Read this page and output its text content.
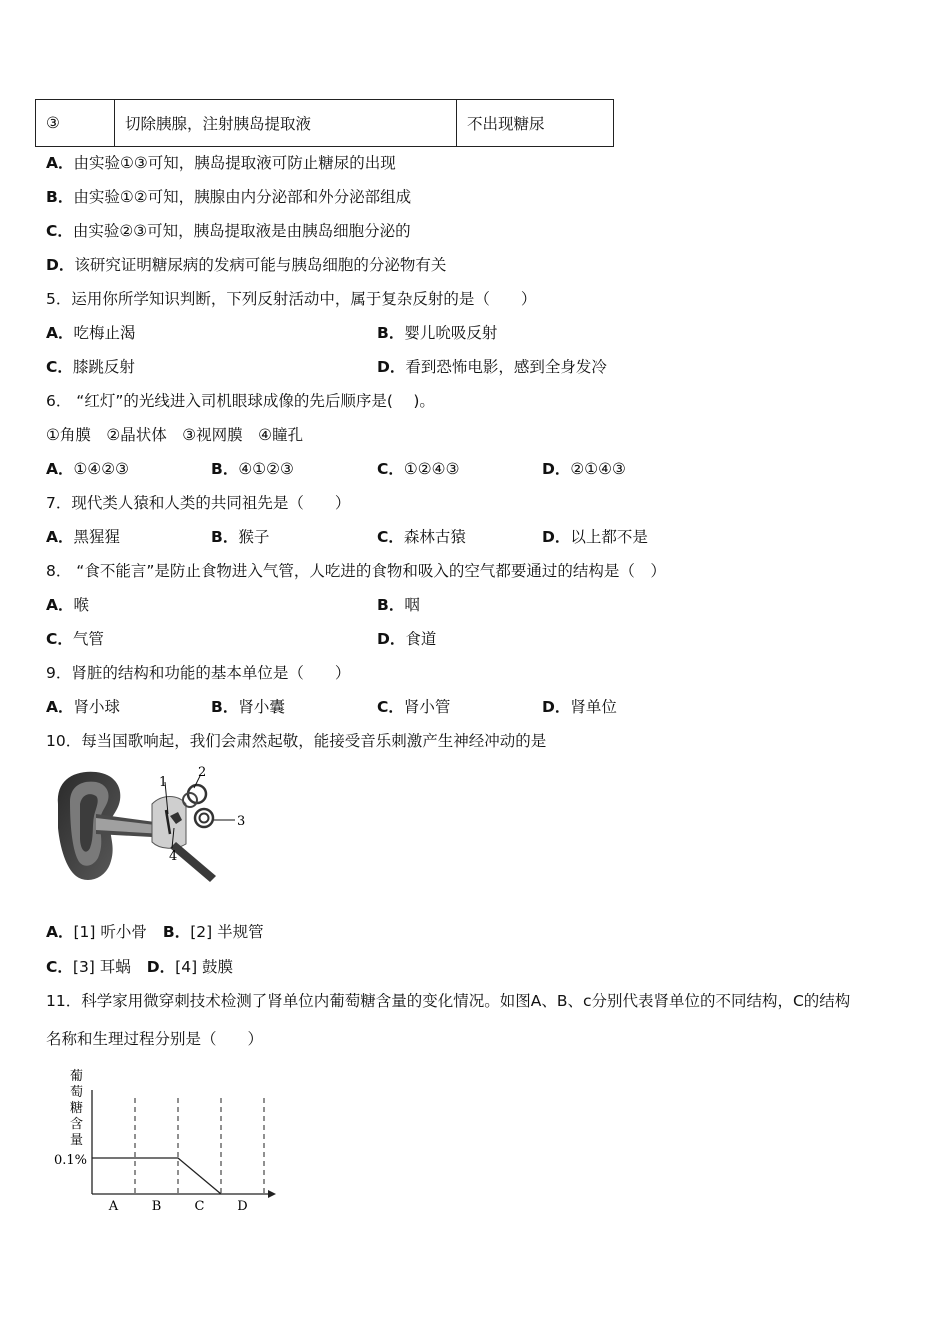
③	切除胰腺，注射胰岛提取液	不出现糖尿
A．由实验①③可知，胰岛提取液可防止糖尿的出现
B．由实验①②可知，胰腺由内分泌部和外分泌部组成
C．由实验②③可知，胰岛提取液是由胰岛细胞分泌的
D．该研究证明糖尿病的发病可能与胰岛细胞的分泌物有关
5．运用你所学知识判断，下列反射活动中，属于复杂反射的是（　　）
A．吃梅止渴	B．婴儿吮吸反射
C．膝跳反射	D．看到恐怖电影，感到全身发冷
6． “红灯”的光线进入司机眼球成像的先后顺序是(　 )。
①角膜　②晶状体　③视网膜　④瞳孔
A．①④②③	B．④①②③	C．①②④③	D．②①④③
7．现代类人猿和人类的共同祖先是（　　）
A．黑猩猩	B．猴子	C．森林古猿	D．以上都不是
8． “食不能言”是防止食物进入气管，人吃进的食物和吸入的空气都要通过的结构是（　）
A．喉	B．咽
C．气管	D．食道
9．肾脏的结构和功能的基本单位是（　　）
A．肾小球	B．肾小囊	C．肾小管	D．肾单位
10．每当国歌响起，我们会肃然起敬，能接受音乐刺激产生神经冲动的是
1
2
3
4
A．[1] 听小骨 B．[2] 半规管
C．[3] 耳蜗 D．[4] 鼓膜
11．科学家用微穿刺技术检测了肾单位内葡萄糖含量的变化情况。如图A、B、c分别代表肾单位的不同结构，C的结构
名称和生理过程分别是（　　）
葡
萄
糖
含
量
A	B	C	D
0.1%
